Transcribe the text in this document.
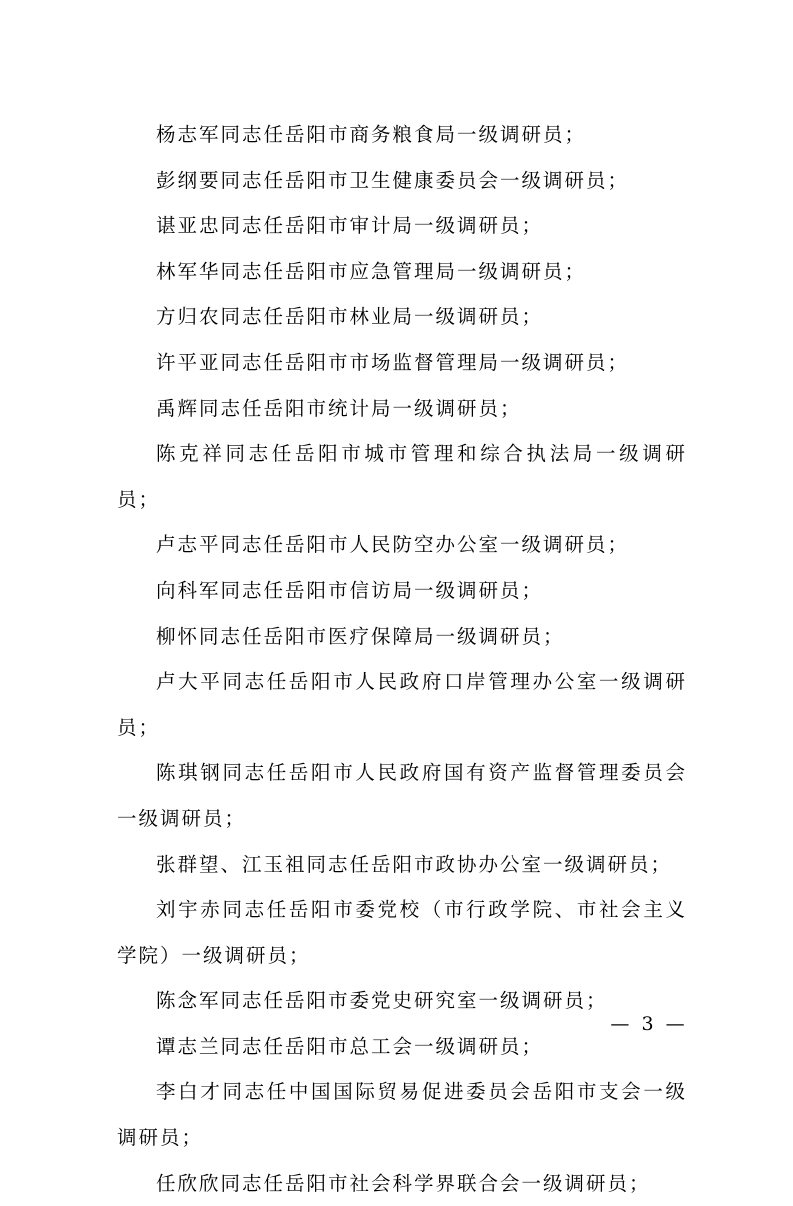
杨志军同志任岳阳市商务粮食局一级调研员；

彭纲要同志任岳阳市卫生健康委员会一级调研员；

谌亚忠同志任岳阳市审计局一级调研员；

林军华同志任岳阳市应急管理局一级调研员；

方归农同志任岳阳市林业局一级调研员；

许平亚同志任岳阳市市场监督管理局一级调研员；

禹辉同志任岳阳市统计局一级调研员；

陈克祥同志任岳阳市城市管理和综合执法局一级调研员；

卢志平同志任岳阳市人民防空办公室一级调研员；

向科军同志任岳阳市信访局一级调研员；

柳怀同志任岳阳市医疗保障局一级调研员；

卢大平同志任岳阳市人民政府口岸管理办公室一级调研员；

陈琪钢同志任岳阳市人民政府国有资产监督管理委员会一级调研员；

张群望、江玉祖同志任岳阳市政协办公室一级调研员；

刘宇赤同志任岳阳市委党校（市行政学院、市社会主义学院）一级调研员；

陈念军同志任岳阳市委党史研究室一级调研员；

谭志兰同志任岳阳市总工会一级调研员；

李白才同志任中国国际贸易促进委员会岳阳市支会一级调研员；

任欣欣同志任岳阳市社会科学界联合会一级调研员；

— 3 —
